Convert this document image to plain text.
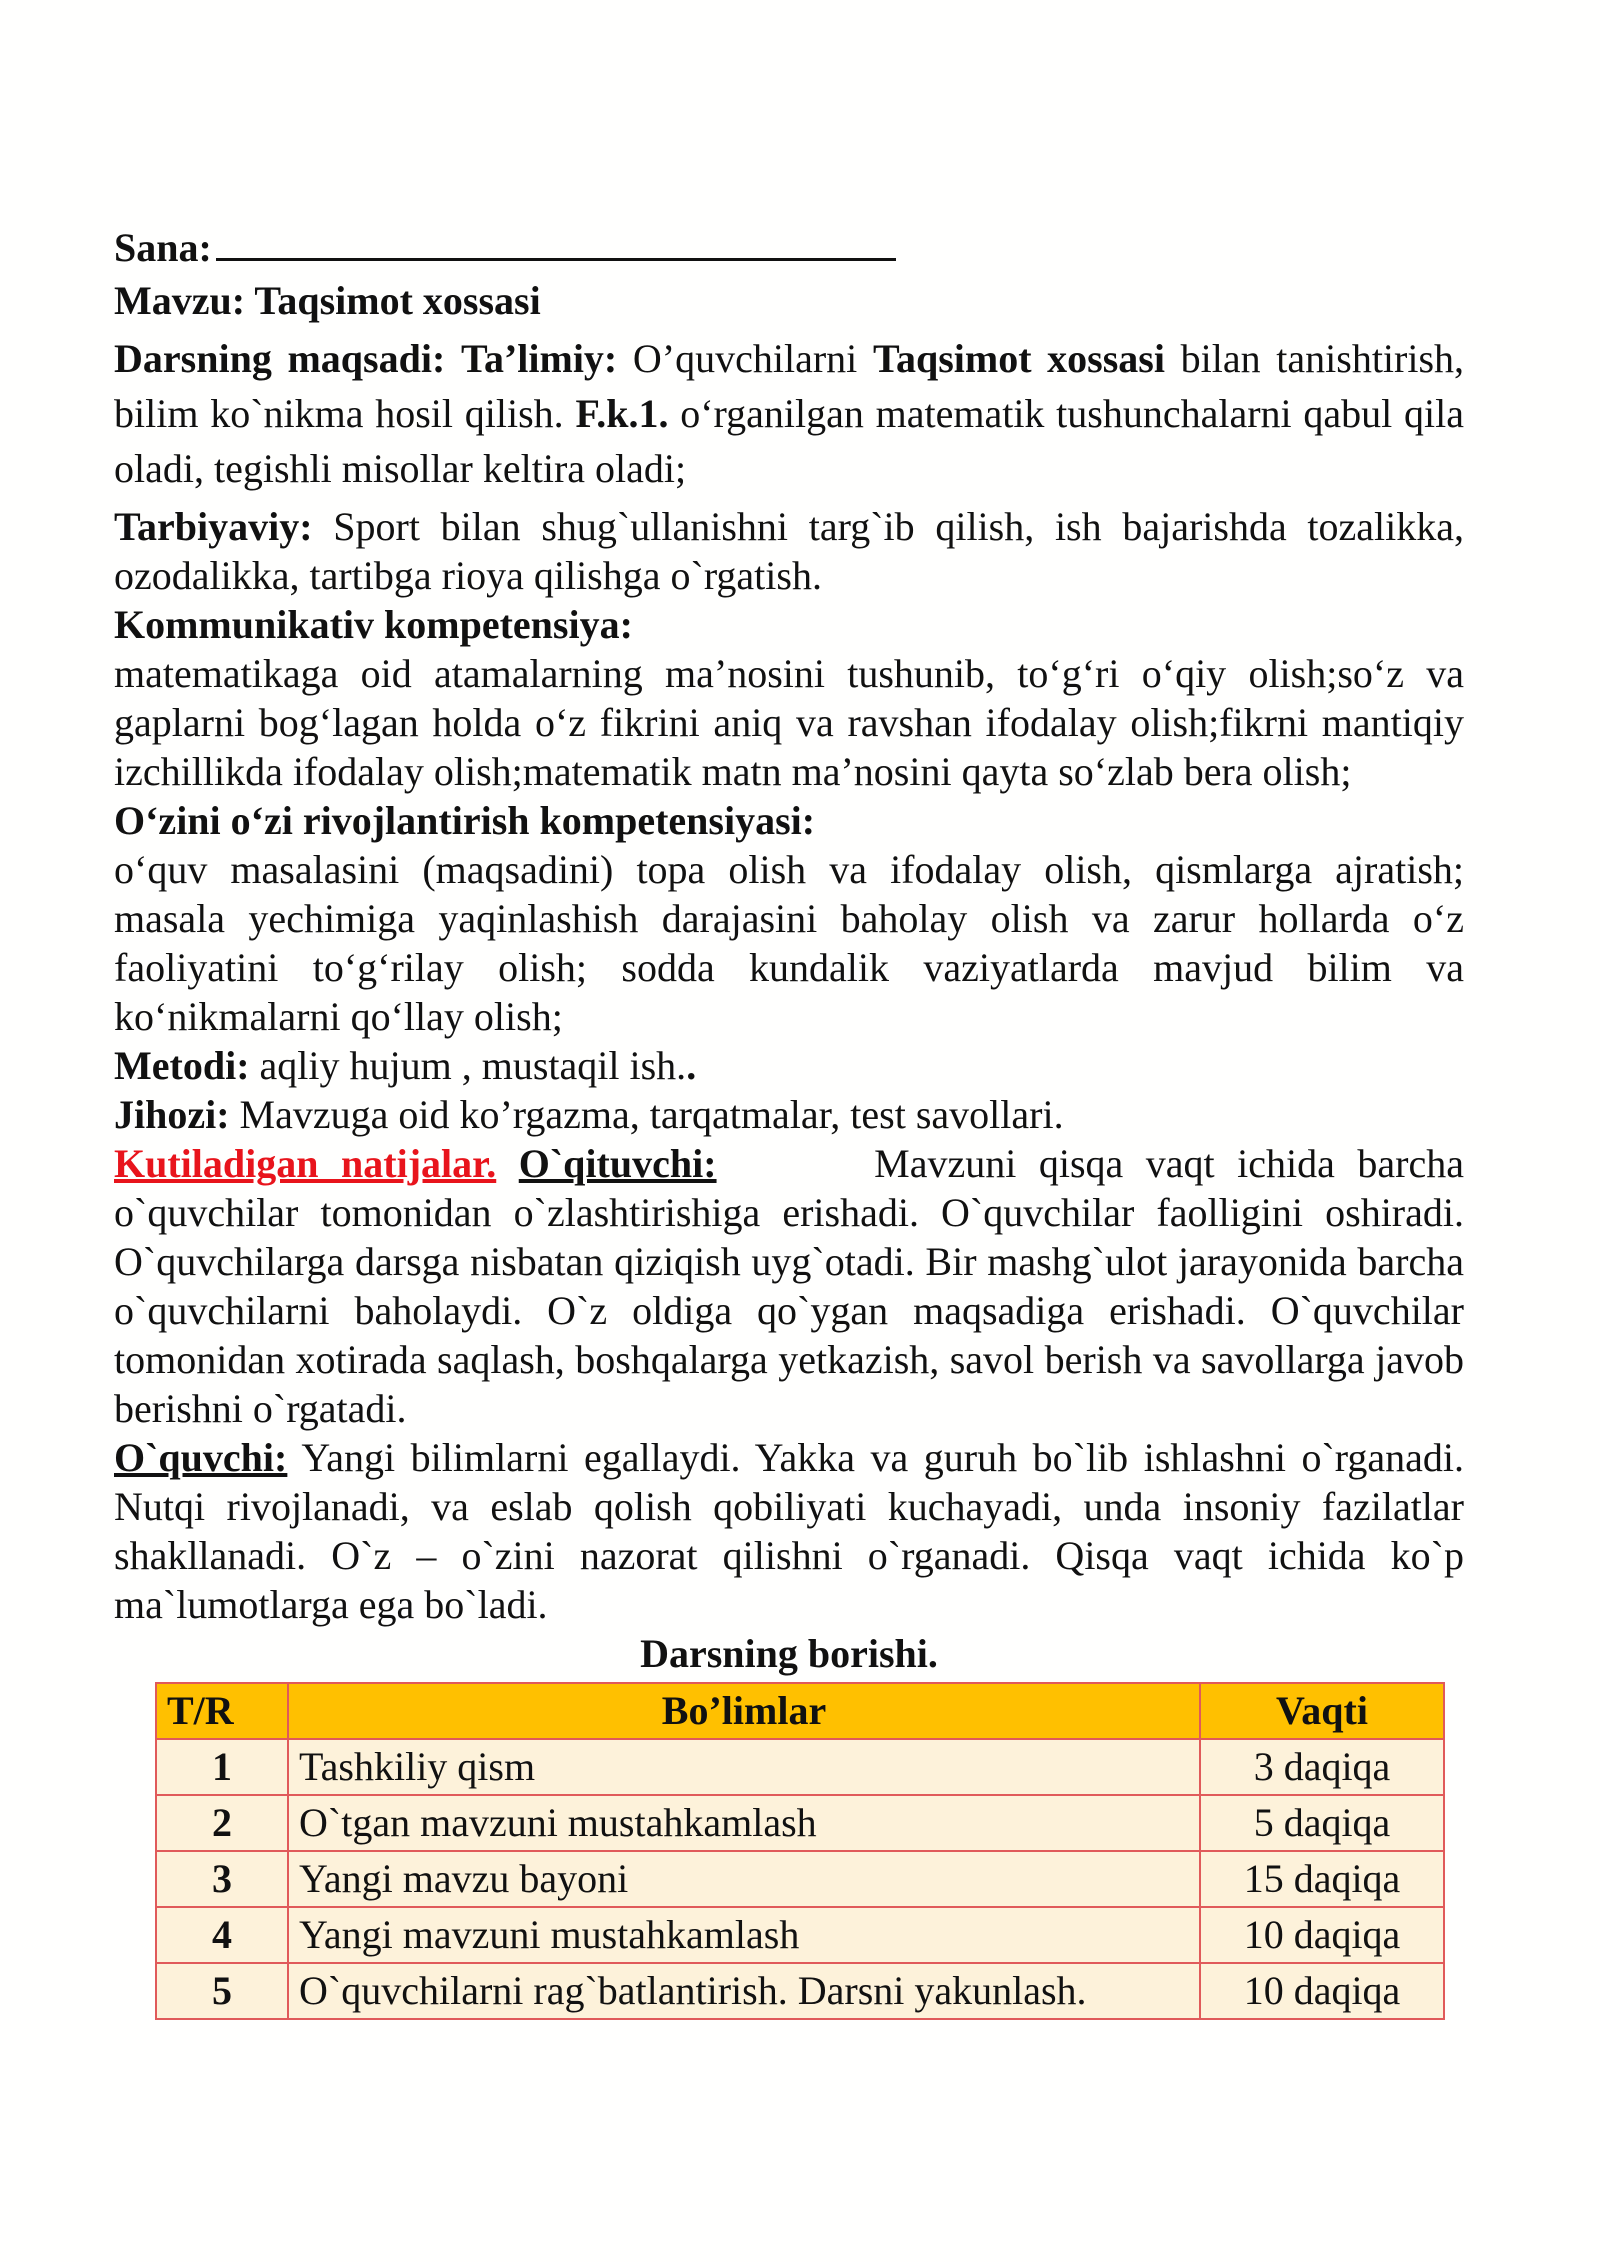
Sana:

Mavzu: Taqsimot xossasi

Darsning maqsadi: Ta’limiy: O’quvchilarni Taqsimot xossasi bilan tanishtirish, bilim ko`nikma hosil qilish. F.k.1. o‘rganilgan matematik tushunchalarni qabul qila oladi, tegishli misollar keltira oladi;

Tarbiyaviy: Sport bilan shug`ullanishni targ`ib qilish, ish bajarishda tozalikka, ozodalikka, tartibga rioya qilishga o`rgatish.

Kommunikativ kompetensiya:

matematikaga oid atamalarning ma’nosini tushunib, to‘g‘ri o‘qiy olish;so‘z va gaplarni bog‘lagan holda o‘z fikrini aniq va ravshan ifodalay olish;fikrni mantiqiy izchillikda ifodalay olish;matematik matn ma’nosini qayta so‘zlab bera olish;

O‘zini o‘zi rivojlantirish kompetensiyasi:

o‘quv masalasini (maqsadini) topa olish va ifodalay olish, qismlarga ajratish; masala yechimiga yaqinlashish darajasini baholay olish va zarur hollarda o‘z faoliyatini to‘g‘rilay olish; sodda kundalik vaziyatlarda mavjud bilim va ko‘nikmalarni qo‘llay olish;

Metodi: aqliy hujum , mustaqil ish..

Jihozi: Mavzuga oid ko’rgazma, tarqatmalar, test savollari.

Kutiladigan natijalar. O`qituvchi:	Mavzuni qisqa vaqt ichida barcha o`quvchilar tomonidan o`zlashtirishiga erishadi. O`quvchilar faolligini oshiradi. O`quvchilarga darsga nisbatan qiziqish uyg`otadi. Bir mashg`ulot jarayonida barcha o`quvchilarni baholaydi. O`z oldiga qo`ygan maqsadiga erishadi. O`quvchilar tomonidan xotirada saqlash, boshqalarga yetkazish, savol berish va savollarga javob berishni o`rgatadi.

O`quvchi: Yangi bilimlarni egallaydi. Yakka va guruh bo`lib ishlashni o`rganadi. Nutqi rivojlanadi, va eslab qolish qobiliyati kuchayadi, unda insoniy fazilatlar shakllanadi. O`z – o`zini nazorat qilishni o`rganadi. Qisqa vaqt ichida ko`p ma`lumotlarga ega bo`ladi.

Darsning borishi.

T/R	Bo’limlar	Vaqti
1	Tashkiliy qism	3 daqiqa
2	O`tgan mavzuni mustahkamlash	5 daqiqa
3	Yangi mavzu bayoni	15 daqiqa
4	Yangi mavzuni mustahkamlash	10 daqiqa
5	O`quvchilarni rag`batlantirish. Darsni yakunlash.	10 daqiqa
